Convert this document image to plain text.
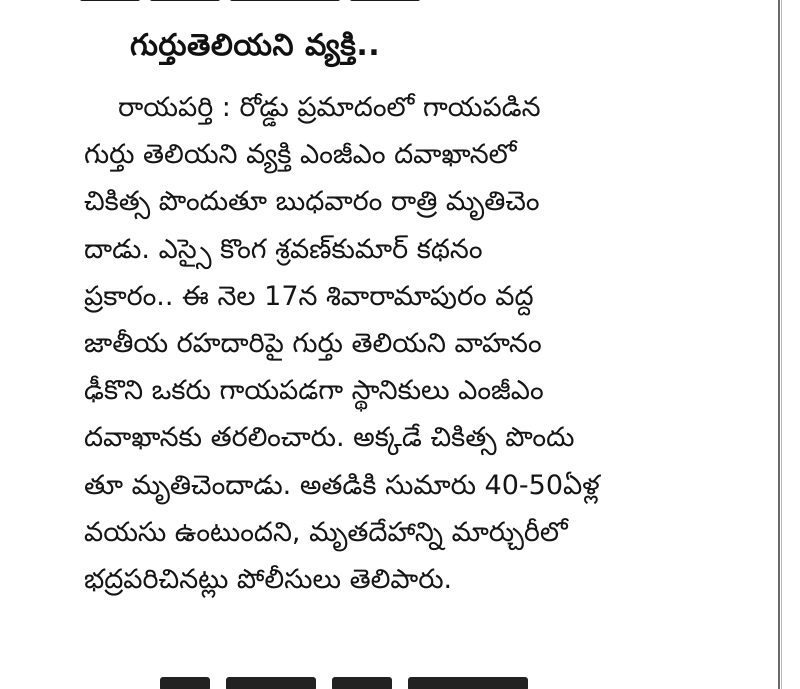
గుర్తుతెలియని వ్యక్తి..
రాయపర్తి : రోడ్డు ప్రమాదంలో గాయపడిన
గుర్తు తెలియని వ్యక్తి ఎంజీఎం దవాఖానలో
చికిత్స పొందుతూ బుధవారం రాత్రి మృతిచెం
దాడు. ఎస్సై కొంగ శ్రవణ్‌కుమార్ కథనం
ప్రకారం.. ఈ నెల 17న శివారామాపురం వద్ద
జాతీయ రహదారిపై గుర్తు తెలియని వాహనం
ఢీకొని ఒకరు గాయపడగా స్థానికులు ఎంజీఎం
దవాఖానకు తరలించారు. అక్కడే చికిత్స పొందు
తూ మృతిచెందాడు. అతడికి సుమారు 40-50ఏళ్ల
వయసు ఉంటుందని, మృతదేహాన్ని మార్చురీలో
భద్రపరిచినట్లు పోలీసులు తెలిపారు.
